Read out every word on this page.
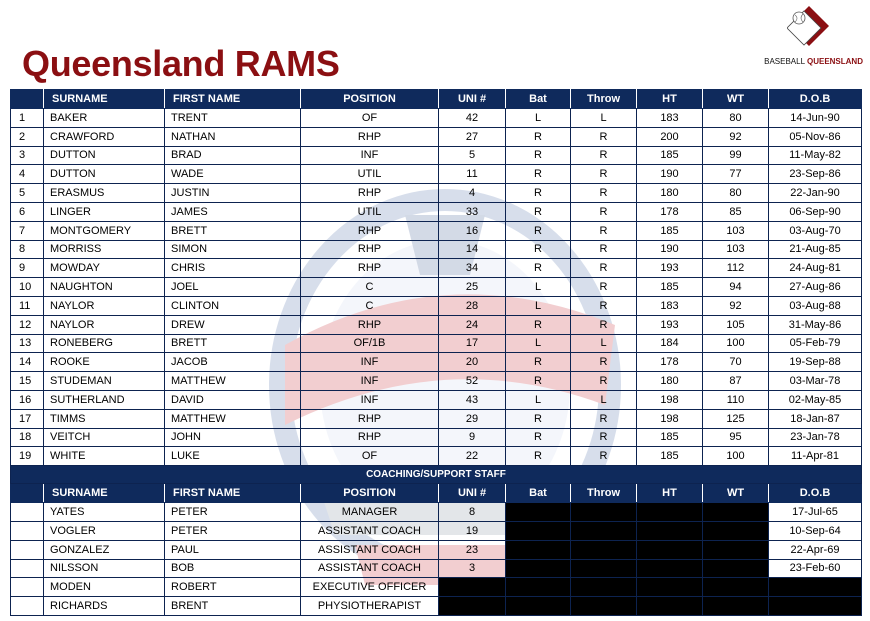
Queensland RAMS	BASEBALL QUEENSLAND
	SURNAME	FIRST NAME	POSITION	UNI #	Bat	Throw	HT	WT	D.O.B
1	BAKER	TRENT	OF	42	L	L	183	80	14-Jun-90
2	CRAWFORD	NATHAN	RHP	27	R	R	200	92	05-Nov-86
3	DUTTON	BRAD	INF	5	R	R	185	99	11-May-82
4	DUTTON	WADE	UTIL	11	R	R	190	77	23-Sep-86
5	ERASMUS	JUSTIN	RHP	4	R	R	180	80	22-Jan-90
6	LINGER	JAMES	UTIL	33	R	R	178	85	06-Sep-90
7	MONTGOMERY	BRETT	RHP	16	R	R	185	103	03-Aug-70
8	MORRISS	SIMON	RHP	14	R	R	190	103	21-Aug-85
9	MOWDAY	CHRIS	RHP	34	R	R	193	112	24-Aug-81
10	NAUGHTON	JOEL	C	25	L	R	185	94	27-Aug-86
11	NAYLOR	CLINTON	C	28	L	R	183	92	03-Aug-88
12	NAYLOR	DREW	RHP	24	R	R	193	105	31-May-86
13	RONEBERG	BRETT	OF/1B	17	L	L	184	100	05-Feb-79
14	ROOKE	JACOB	INF	20	R	R	178	70	19-Sep-88
15	STUDEMAN	MATTHEW	INF	52	R	R	180	87	03-Mar-78
16	SUTHERLAND	DAVID	INF	43	L	L	198	110	02-May-85
17	TIMMS	MATTHEW	RHP	29	R	R	198	125	18-Jan-87
18	VEITCH	JOHN	RHP	9	R	R	185	95	23-Jan-78
19	WHITE	LUKE	OF	22	R	R	185	100	11-Apr-81
COACHING/SUPPORT STAFF									
	SURNAME	FIRST NAME	POSITION	UNI #	Bat	Throw	HT	WT	D.O.B
	YATES	PETER	MANAGER	8					17-Jul-65
	VOGLER	PETER	ASSISTANT COACH	19					10-Sep-64
	GONZALEZ	PAUL	ASSISTANT COACH	23					22-Apr-69
	NILSSON	BOB	ASSISTANT COACH	3					23-Feb-60
	MODEN	ROBERT	EXECUTIVE OFFICER						
	RICHARDS	BRENT	PHYSIOTHERAPIST						
